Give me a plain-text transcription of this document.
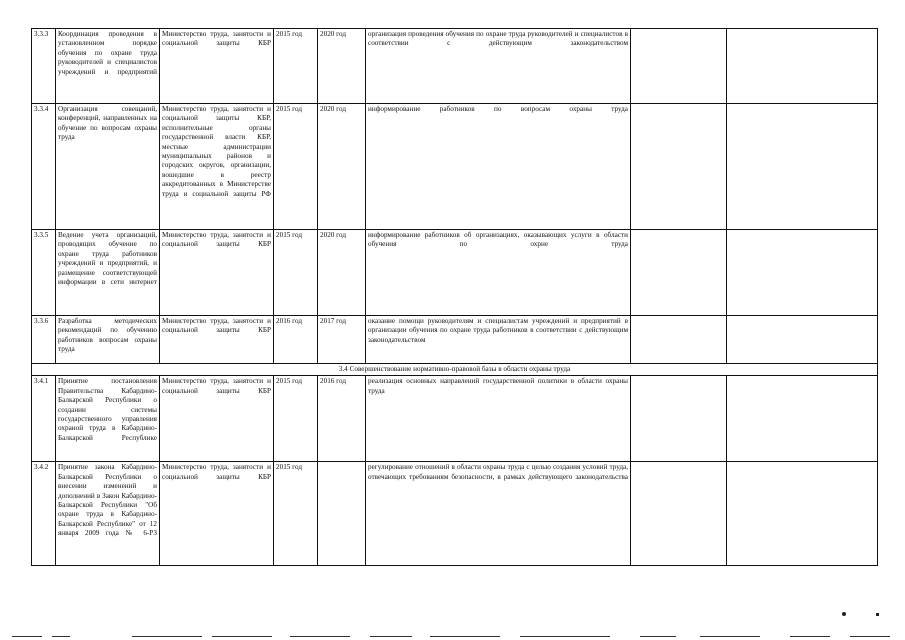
3.3.3	Координация проведения в установленном порядке обучения по охране труда руководителей и специалистов учреждений и предприятий	Министерство труда, занятости и социальной защиты КБР	2015 год	2020 год	организация проведения обучения по охране труда руководителей и специалистов в соответствии с действующим законодательством		
3.3.4	Организация совещаний, конференций, направленных на обучение по вопросам охраны труда	Министерство труда, занятости и социальной защиты КБР, исполнительные органы государственной власти КБР, местные администрации муниципальных районов и городских округов, организации, вошедшие в реестр аккредитованных в Министерстве труда и социальной защиты РФ	2015 год	2020 год	информирование работников по вопросам охраны труда		
3.3.5	Ведение учета организаций, проводящих обучение по охране труда работников учреждений и предприятий, и размещение соответствующей информации в сети интернет	Министерство труда, занятости и социальной защиты КБР	2015 год	2020 год	информирование работников об организациях, оказывающих услуги в области обучения по охрне труда		
3.3.6	Разработка методических рекомендаций по обучению работников вопросам охраны труда	Министерство труда, занятости и социальной защиты КБР	2016 год	2017 год	оказание помощи руководителям и специалистам учреждений и предприятий в организации обучения по охране труда работников в соответствии с действующим законодательством		
3.4 Совершенствование нормативно-правовой базы в области охраны труда							
3.4.1	Принятие постановления Правительства Кабардино-Балкарской Республики о создании системы государственного управления охраной труда в Кабардино-Балкарской Республике	Министерство труда, занятости и социальной защиты КБР	2015 год	2016 год	реализация основных направлений государственной политики в области охраны труда		
3.4.2	Принятие закона Кабардино-Балкарской Республики о внесении изменений и дополнений в Закон Кабардино-Балкарской Республики "Об охране труда в Кабардино-Балкарской Республике" от 12 января 2009 года № 6-РЗ	Министерство труда, занятости и социальной защиты КБР	2015 год		регулирование отношений в области охраны труда с целью создания условий труда, отвечающих требованиям безопасности, в рамках действующего законодательства		
